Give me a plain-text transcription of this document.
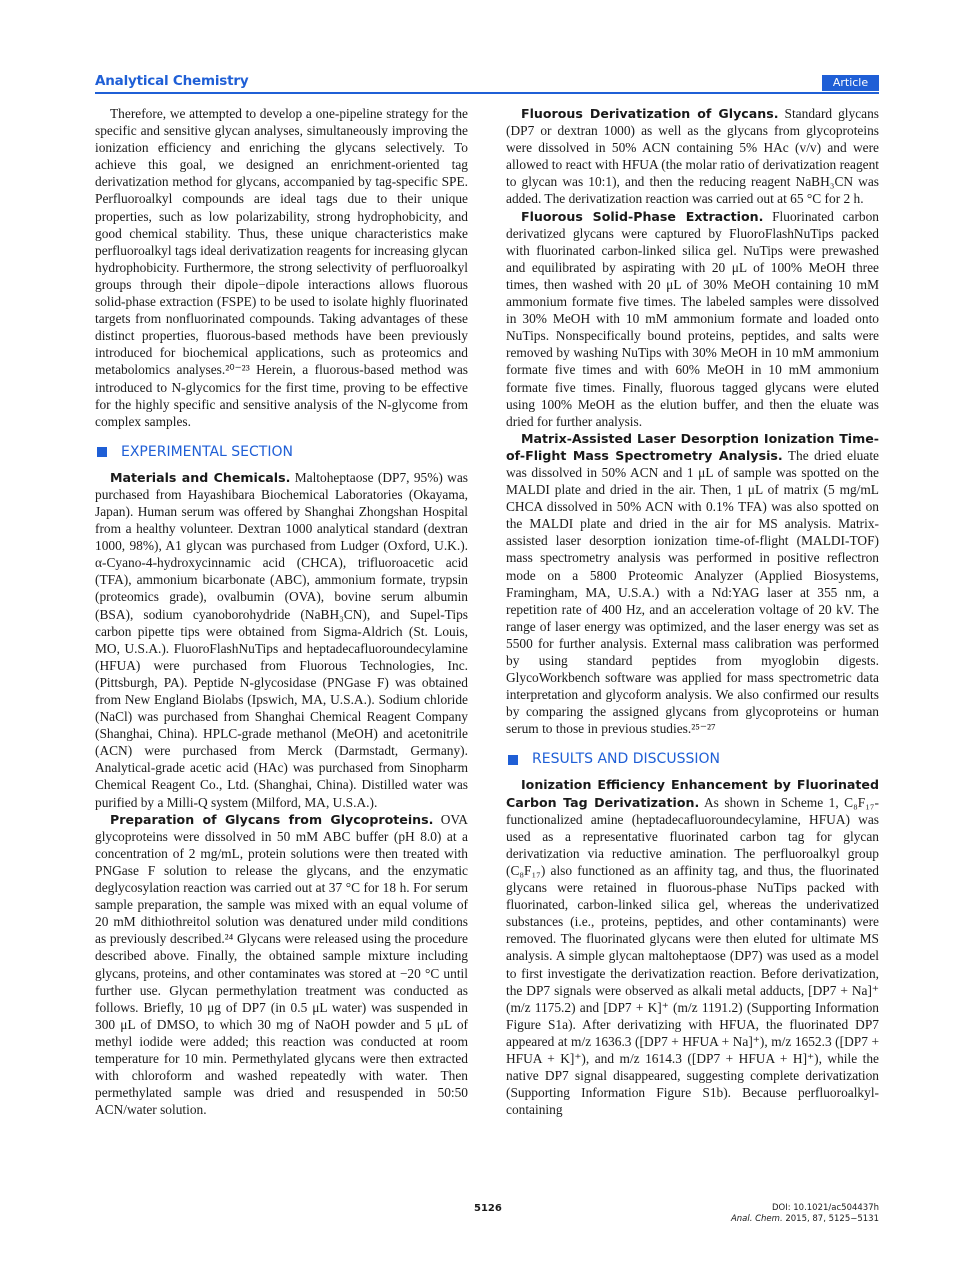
Analytical Chemistry	Article

Therefore, we attempted to develop a one-pipeline strategy for the specific and sensitive glycan analyses, simultaneously improving the ionization efficiency and enriching the glycans selectively. To achieve this goal, we designed an enrichment-oriented tag derivatization method for glycans, accompanied by tag-specific SPE. Perfluoroalkyl compounds are ideal tags due to their unique properties, such as low polarizability, strong hydrophobicity, and good chemical stability. Thus, these unique characteristics make perfluoroalkyl tags ideal derivatization reagents for increasing glycan hydrophobicity. Furthermore, the strong selectivity of perfluoroalkyl groups through their dipole−dipole interactions allows fluorous solid-phase extraction (FSPE) to be used to isolate highly fluorinated targets from nonfluorinated compounds. Taking advantages of these distinct properties, fluorous-based methods have been previously introduced for biochemical applications, such as proteomics and metabolomics analyses.²⁰⁻²³ Herein, a fluorous-based method was introduced to N-glycomics for the first time, proving to be effective for the highly specific and sensitive analysis of the N-glycome from complex samples.

EXPERIMENTAL SECTION

Materials and Chemicals. Maltoheptaose (DP7, 95%) was purchased from Hayashibara Biochemical Laboratories (Okayama, Japan). Human serum was offered by Shanghai Zhongshan Hospital from a healthy volunteer. Dextran 1000 analytical standard (dextran 1000, 98%), A1 glycan was purchased from Ludger (Oxford, U.K.). α-Cyano-4-hydroxycinnamic acid (CHCA), trifluoroacetic acid (TFA), ammonium bicarbonate (ABC), ammonium formate, trypsin (proteomics grade), ovalbumin (OVA), bovine serum albumin (BSA), sodium cyanoborohydride (NaBH₃CN), and Supel-Tips carbon pipette tips were obtained from Sigma-Aldrich (St. Louis, MO, U.S.A.). FluoroFlashNuTips and heptadecafluoroundecylamine (HFUA) were purchased from Fluorous Technologies, Inc. (Pittsburgh, PA). Peptide N-glycosidase (PNGase F) was obtained from New England Biolabs (Ipswich, MA, U.S.A.). Sodium chloride (NaCl) was purchased from Shanghai Chemical Reagent Company (Shanghai, China). HPLC-grade methanol (MeOH) and acetonitrile (ACN) were purchased from Merck (Darmstadt, Germany). Analytical-grade acetic acid (HAc) was purchased from Sinopharm Chemical Reagent Co., Ltd. (Shanghai, China). Distilled water was purified by a Milli-Q system (Milford, MA, U.S.A.).

Preparation of Glycans from Glycoproteins. OVA glycoproteins were dissolved in 50 mM ABC buffer (pH 8.0) at a concentration of 2 mg/mL, protein solutions were then treated with PNGase F solution to release the glycans, and the enzymatic deglycosylation reaction was carried out at 37 °C for 18 h. For serum sample preparation, the sample was mixed with an equal volume of 20 mM dithiothreitol solution was denatured under mild conditions as previously described.²⁴ Glycans were released using the procedure described above. Finally, the obtained sample mixture including glycans, proteins, and other contaminates was stored at −20 °C until further use. Glycan permethylation treatment was conducted as follows. Briefly, 10 μg of DP7 (in 0.5 μL water) was suspended in 300 μL of DMSO, to which 30 mg of NaOH powder and 5 μL of methyl iodide were added; this reaction was conducted at room temperature for 10 min. Permethylated glycans were then extracted with chloroform and washed repeatedly with water. Then permethylated sample was dried and resuspended in 50:50 ACN/water solution.

Fluorous Derivatization of Glycans. Standard glycans (DP7 or dextran 1000) as well as the glycans from glycoproteins were dissolved in 50% ACN containing 5% HAc (v/v) and were allowed to react with HFUA (the molar ratio of derivatization reagent to glycan was 10:1), and then the reducing reagent NaBH₃CN was added. The derivatization reaction was carried out at 65 °C for 2 h.

Fluorous Solid-Phase Extraction. Fluorinated carbon derivatized glycans were captured by FluoroFlashNuTips packed with fluorinated carbon-linked silica gel. NuTips were prewashed and equilibrated by aspirating with 20 μL of 100% MeOH three times, then washed with 20 μL of 30% MeOH containing 10 mM ammonium formate five times. The labeled samples were dissolved in 30% MeOH with 10 mM ammonium formate and loaded onto NuTips. Nonspecifically bound proteins, peptides, and salts were removed by washing NuTips with 30% MeOH in 10 mM ammonium formate five times and with 60% MeOH in 10 mM ammonium formate five times. Finally, fluorous tagged glycans were eluted using 100% MeOH as the elution buffer, and then the eluate was dried for further analysis.

Matrix-Assisted Laser Desorption Ionization Time-of-Flight Mass Spectrometry Analysis. The dried eluate was dissolved in 50% ACN and 1 μL of sample was spotted on the MALDI plate and dried in the air. Then, 1 μL of matrix (5 mg/mL CHCA dissolved in 50% ACN with 0.1% TFA) was also spotted on the MALDI plate and dried in the air for MS analysis. Matrix-assisted laser desorption ionization time-of-flight (MALDI-TOF) mass spectrometry analysis was performed in positive reflectron mode on a 5800 Proteomic Analyzer (Applied Biosystems, Framingham, MA, U.S.A.) with a Nd:YAG laser at 355 nm, a repetition rate of 400 Hz, and an acceleration voltage of 20 kV. The range of laser energy was optimized, and the laser energy was set as 5500 for further analysis. External mass calibration was performed by using standard peptides from myoglobin digests. GlycoWorkbench software was applied for mass spectrometric data interpretation and glycoform analysis. We also confirmed our results by comparing the assigned glycans from glycoproteins or human serum to those in previous studies.²⁵⁻²⁷

RESULTS AND DISCUSSION

Ionization Efficiency Enhancement by Fluorinated Carbon Tag Derivatization. As shown in Scheme 1, C₈F₁₇-functionalized amine (heptadecafluoroundecylamine, HFUA) was used as a representative fluorinated carbon tag for glycan derivatization via reductive amination. The perfluoroalkyl group (C₈F₁₇) also functioned as an affinity tag, and thus, the fluorinated glycans were retained in fluorous-phase NuTips packed with fluorinated, carbon-linked silica gel, whereas the underivatized substances (i.e., proteins, peptides, and other contaminants) were removed. The fluorinated glycans were then eluted for ultimate MS analysis. A simple glycan maltoheptaose (DP7) was used as a model to first investigate the derivatization reaction. Before derivatization, the DP7 signals were observed as alkali metal adducts, [DP7 + Na]⁺ (m/z 1175.2) and [DP7 + K]⁺ (m/z 1191.2) (Supporting Information Figure S1a). After derivatizing with HFUA, the fluorinated DP7 appeared at m/z 1636.3 ([DP7 + HFUA + Na]⁺), m/z 1652.3 ([DP7 + HFUA + K]⁺), and m/z 1614.3 ([DP7 + HFUA + H]⁺), while the native DP7 signal disappeared, suggesting complete derivatization (Supporting Information Figure S1b). Because perfluoroalkyl-containing

5126	DOI: 10.1021/ac504437h
Anal. Chem. 2015, 87, 5125−5131
